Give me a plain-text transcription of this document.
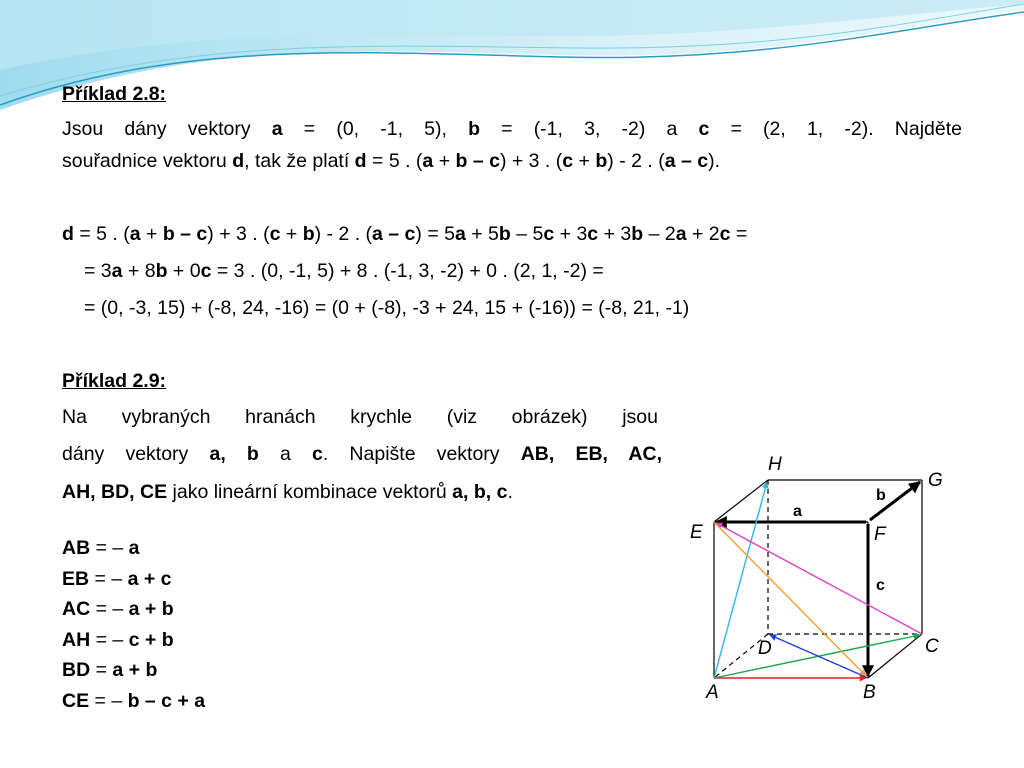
Příklad 2.8:
Jsou dány vektory a = (0, -1, 5), b = (-1, 3, -2) a c = (2, 1, -2). Najděte
souřadnice vektoru d, tak že platí d = 5 . (a + b – c) + 3 . (c + b) - 2 . (a – c).
d = 5 . (a + b – c) + 3 . (c + b) - 2 . (a – c) = 5a + 5b – 5c + 3c + 3b – 2a + 2c =
= 3a + 8b + 0c = 3 . (0, -1, 5) + 8 . (-1, 3, -2) + 0 . (2, 1, -2) =
= (0, -3, 15) + (-8, 24, -16) = (0 + (-8), -3 + 24, 15 + (-16)) = (-8, 21, -1)
Příklad 2.9:
Na vybraných hranách krychle (viz obrázek) jsou
dány vektory a, b a c. Napište vektory AB, EB, AC,
AH, BD, CE jako lineární kombinace vektorů a, b, c.
AB = – a
EB = – a + c
AC = – a + b
AH = – c + b
BD = a + b
CE = – b – c + a
H
G
E	F
D	C
A	B
a
b
c
